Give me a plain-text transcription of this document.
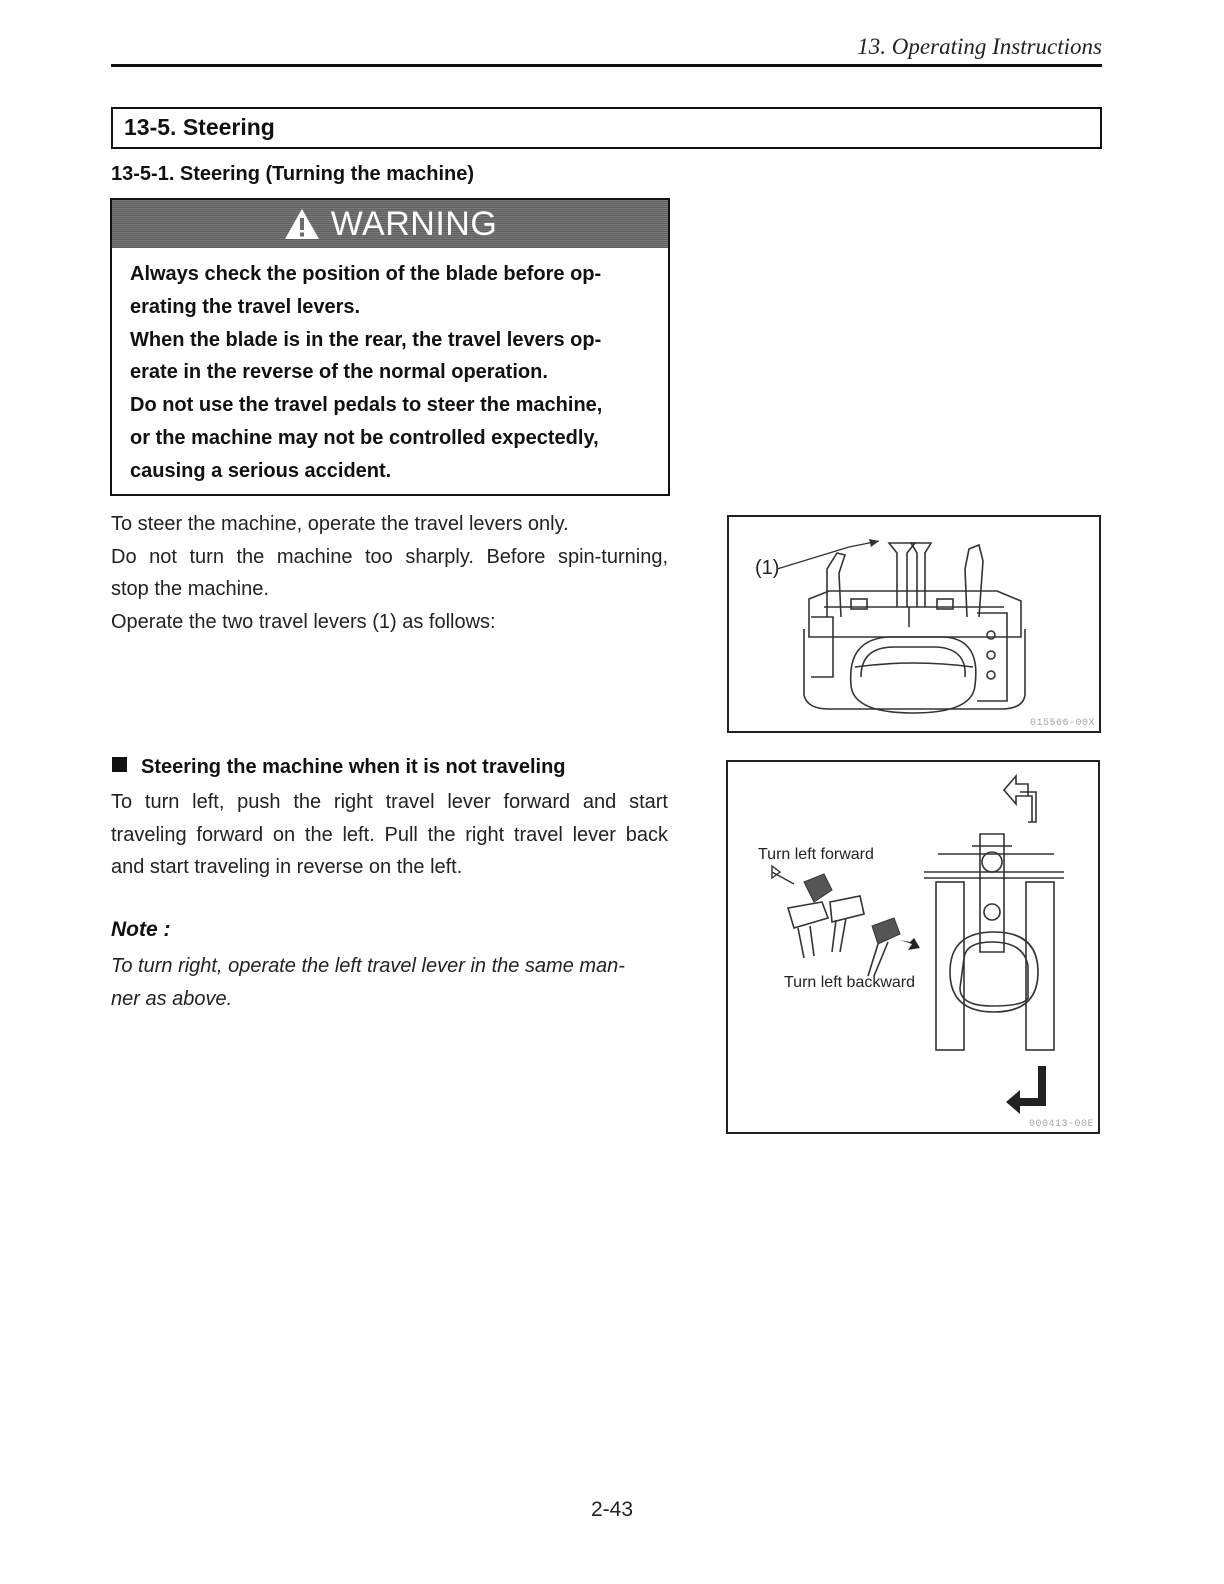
13. Operating Instructions
13-5. Steering
13-5-1. Steering (Turning the machine)
WARNING

Always check the position of the blade before op-

erating the travel levers.

When the blade is in the rear, the travel levers op-

erate in the reverse of the normal operation.

Do not use the travel pedals to steer the machine,

or the machine may not be controlled expectedly,

causing a serious accident.

To steer the machine, operate the travel levers only.

Do not turn the machine too sharply. Before spin-turning,

stop the machine.

Operate the two travel levers (1) as follows:

Steering the machine when it is not traveling

To turn left, push the right travel lever forward and start

traveling forward on the left. Pull the right travel lever back

and start traveling in reverse on the left.

Note :
To turn right, operate the left travel lever in the same man-
ner as above.
(1)
015566-00X
Turn left forward
Turn left backward
000413-00E
2-43
